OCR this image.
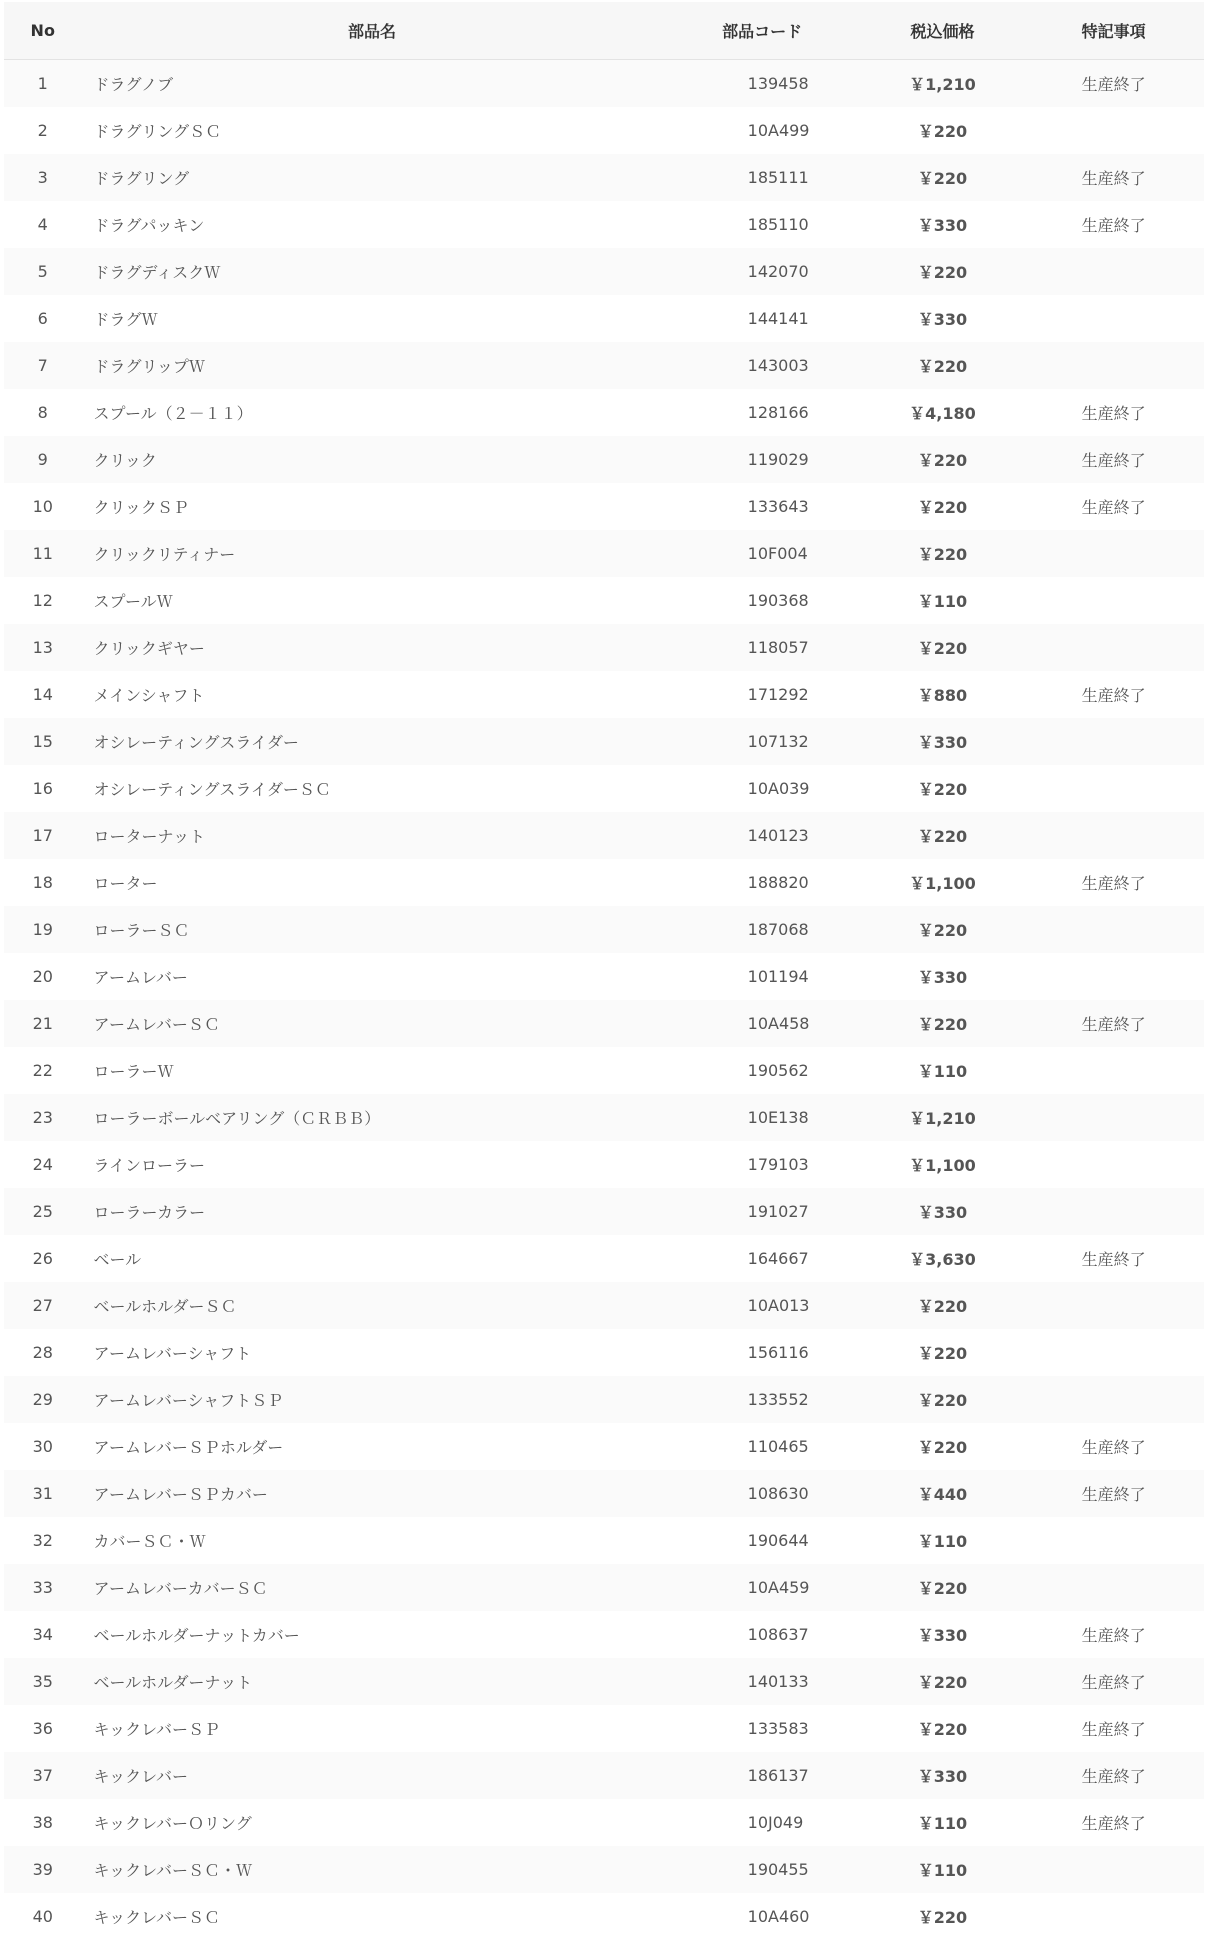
No	部品名	部品コード	税込価格	特記事項
1	ドラグノブ	139458	￥1,210	生産終了
2	ドラグリングＳＣ	10A499	￥220	
3	ドラグリング	185111	￥220	生産終了
4	ドラグパッキン	185110	￥330	生産終了
5	ドラグディスクＷ	142070	￥220	
6	ドラグＷ	144141	￥330	
7	ドラグリップＷ	143003	￥220	
8	スプール（２－１１）	128166	￥4,180	生産終了
9	クリック	119029	￥220	生産終了
10	クリックＳＰ	133643	￥220	生産終了
11	クリックリティナー	10F004	￥220	
12	スプールＷ	190368	￥110	
13	クリックギヤー	118057	￥220	
14	メインシャフト	171292	￥880	生産終了
15	オシレーティングスライダー	107132	￥330	
16	オシレーティングスライダーＳＣ	10A039	￥220	
17	ローターナット	140123	￥220	
18	ローター	188820	￥1,100	生産終了
19	ローラーＳＣ	187068	￥220	
20	アームレバー	101194	￥330	
21	アームレバーＳＣ	10A458	￥220	生産終了
22	ローラーＷ	190562	￥110	
23	ローラーボールベアリング（ＣＲＢＢ）	10E138	￥1,210	
24	ラインローラー	179103	￥1,100	
25	ローラーカラー	191027	￥330	
26	ベール	164667	￥3,630	生産終了
27	ベールホルダーＳＣ	10A013	￥220	
28	アームレバーシャフト	156116	￥220	
29	アームレバーシャフトＳＰ	133552	￥220	
30	アームレバーＳＰホルダー	110465	￥220	生産終了
31	アームレバーＳＰカバー	108630	￥440	生産終了
32	カバーＳＣ・Ｗ	190644	￥110	
33	アームレバーカバーＳＣ	10A459	￥220	
34	ベールホルダーナットカバー	108637	￥330	生産終了
35	ベールホルダーナット	140133	￥220	生産終了
36	キックレバーＳＰ	133583	￥220	生産終了
37	キックレバー	186137	￥330	生産終了
38	キックレバーＯリング	10J049	￥110	生産終了
39	キックレバーＳＣ・Ｗ	190455	￥110	
40	キックレバーＳＣ	10A460	￥220	
